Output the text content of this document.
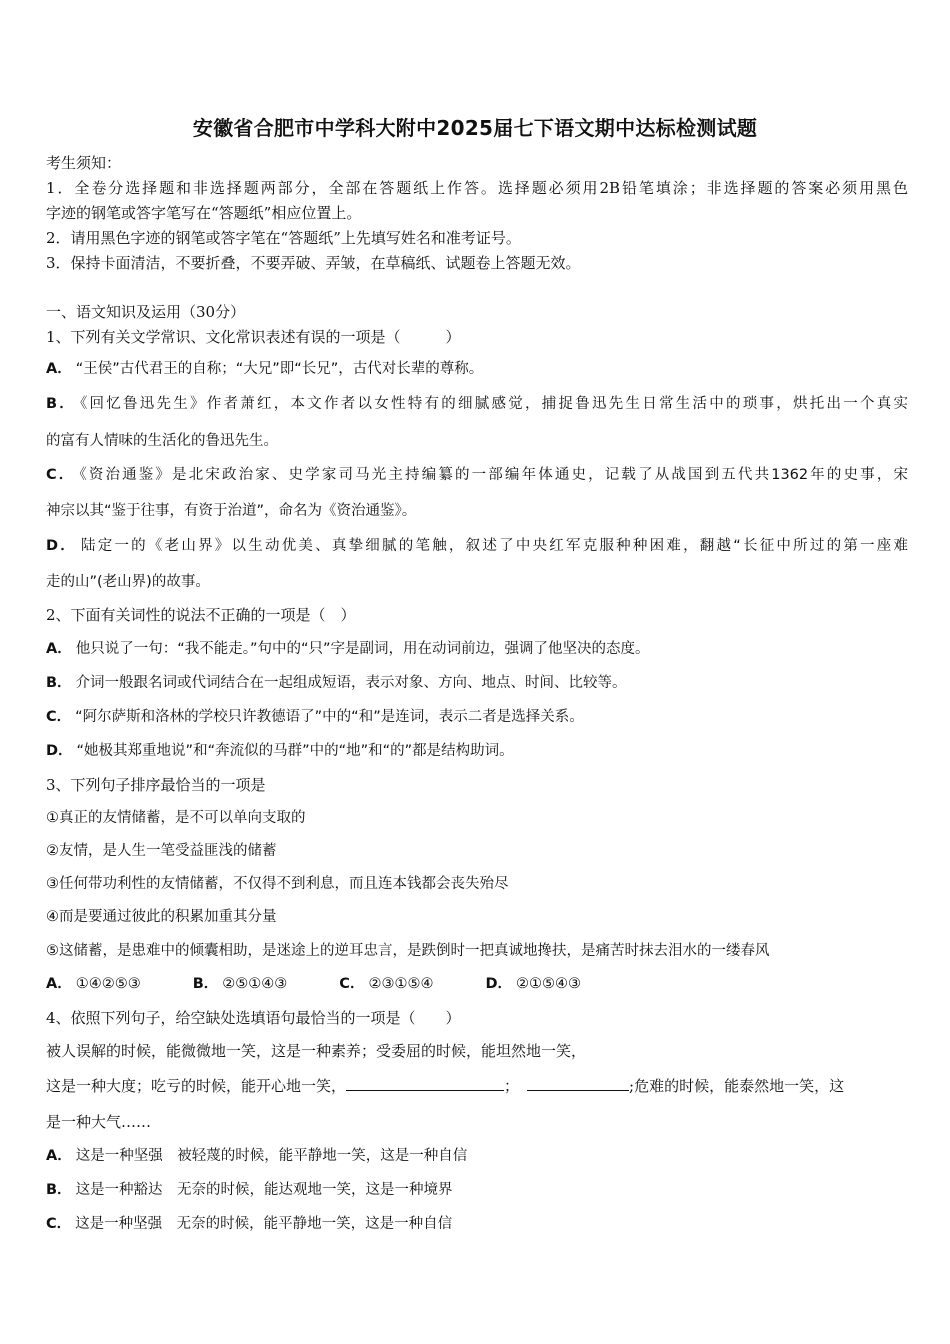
安徽省合肥市中学科大附中2025届七下语文期中达标检测试题
考生须知：
1．全卷分选择题和非选择题两部分，全部在答题纸上作答。选择题必须用2B铅笔填涂；非选择题的答案必须用黑色
字迹的钢笔或答字笔写在“答题纸”相应位置上。
2．请用黑色字迹的钢笔或答字笔在“答题纸”上先填写姓名和准考证号。
3．保持卡面清洁，不要折叠，不要弄破、弄皱，在草稿纸、试题卷上答题无效。
一、语文知识及运用（30分）
1、下列有关文学常识、文化常识表述有误的一项是（　　　）
A． “王侯”古代君王的自称；“大兄”即“长兄”，古代对长辈的尊称。
B． 《回忆鲁迅先生》作者萧红，本文作者以女性特有的细腻感觉，捕捉鲁迅先生日常生活中的琐事，烘托出一个真实
的富有人情味的生活化的鲁迅先生。
C． 《资治通鉴》是北宋政治家、史学家司马光主持编纂的一部编年体通史，记载了从战国到五代共1362年的史事，宋
神宗以其“鉴于往事，有资于治道”，命名为《资治通鉴》。
D． 陆定一的《老山界》以生动优美、真挚细腻的笔触，叙述了中央红军克服种种困难，翻越“长征中所过的第一座难
走的山”(老山界)的故事。
2、下面有关词性的说法不正确的一项是（　）
A． 他只说了一句：“我不能走。”句中的“只”字是副词，用在动词前边，强调了他坚决的态度。
B． 介词一般跟名词或代词结合在一起组成短语，表示对象、方向、地点、时间、比较等。
C． “阿尔萨斯和洛林的学校只许教德语了”中的“和”是连词，表示二者是选择关系。
D． “她极其郑重地说”和“奔流似的马群”中的“地”和“的”都是结构助词。
3、下列句子排序最恰当的一项是
①真正的友情储蓄，是不可以单向支取的
②友情，是人生一笔受益匪浅的储蓄
③任何带功利性的友情储蓄，不仅得不到利息，而且连本钱都会丧失殆尽
④而是要通过彼此的积累加重其分量
⑤这储蓄，是患难中的倾囊相助，是迷途上的逆耳忠言，是跌倒时一把真诚地搀扶，是痛苦时抹去泪水的一缕春风
A． ①④②⑤③	B． ②⑤①④③	C． ②③①⑤④	D． ②①⑤④③
4、依照下列句子，给空缺处选填语句最恰当的一项是（　　）
被人误解的时候，能微微地一笑，这是一种素养；受委屈的时候，能坦然地一笑，
这是一种大度；吃亏的时候，能开心地一笑，	；	;危难的时候，能泰然地一笑，这
是一种大气……
A． 这是一种坚强　被轻蔑的时候，能平静地一笑，这是一种自信
B． 这是一种豁达　无奈的时候，能达观地一笑，这是一种境界
C． 这是一种坚强　无奈的时候，能平静地一笑，这是一种自信
